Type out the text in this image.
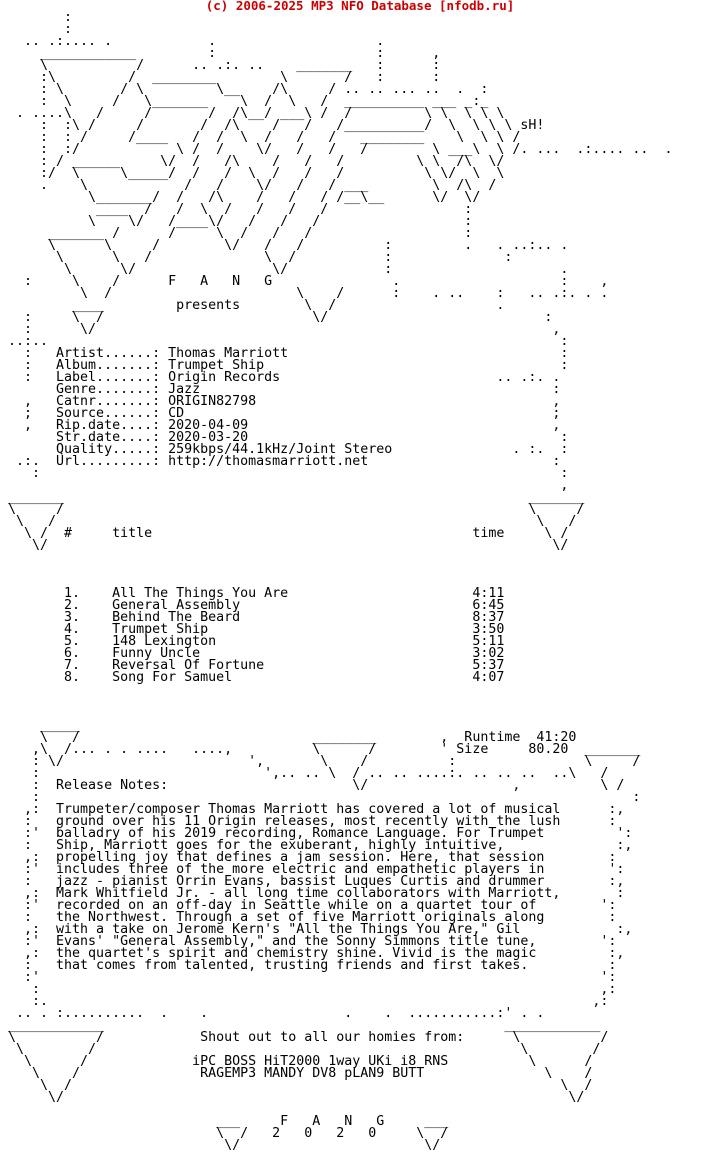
(c) 2006-2025 MP3 NFO Database [nfodb.ru]
:
:
.. .:.... .            .                    .
____________         :                    :      ,
\           /      .. .:. ..    _______   :      :
:\         /  ________        \       /   :      :
: \       / \         \__    /\     / .. .. ... ..  .  :
:  \     /   \_______    \  /  \   /  __________ ___ _:_
. ....\   /     /       /  /\__/ ___\ /  /         \ \  \ \ \
:  :\ /     /       /  /\    /   /   /__________/  \  \ \ \ sH!
:  : /     /____   /  /  \  /   /   /   ________    \  \ \ /
:  :/            \ /  /    \/   /   /   /        \ ___\  \ /. ...  .:.... ..  .
: / ______     \/  /   /\    /   /   /         \ \  /\  \/
:/  \     \_____/  /   /  \  /   /   /          \ \/  \  \
.    \            /   /    \/   /   / ___        \  /\  /
\_______/  /   /\    /   /   / /__\__      \/  \/
____  /   /  \  /   /   /   /                 :
\    \/   /____\/   /   /   /                  :
_______ /      /     \  /   /   /                   :
\      \     /        \/   /   /          :         .   . ..:.. .
\      \   /              \  /           :              :
\      \/                 \/            :                     .
:     \    /      F   A   N   G               .                    :    ,
\  /                       \    /      :    . ..    :   .. .:. . .
____         presents        \  /                    .
:     \  /                          \/                           :
:      \/                                                         ,
..:..                                                                :
:   Artist......: Thomas Marriott                                  :
:   Album.......: Trumpet Ship                                     :
:   Label.......: Origin Records                           .. .:. .
Genre.......: Jazz                                            :
,   Catnr.......: ORIGIN82798                                     ,
;   Source......: CD                                              ;
,   Rip.date....: 2020-04-09                                      ,
Str.date....: 2020-03-20                                       :
Quality.....: 259kbps/44.1kHz/Joint Stereo               . :.  :
.:.  Url.........: http://thomasmarriott.net                       :
:                                                                 :
,
_______                                                          _______
\     /                                                          \     /
\   /                                                            \   /
\ /  #     title                                        time     \ /
\/                                                               \/

1.    All The Things You Are                       4:11
2.    General Assembly                             6:45
3.    Behind The Beard                             8:37
4.    Trumpet Ship                                 3:50
5.    148 Lexington                                5:11
6.    Funny Uncle                                  3:02
7.    Reversal Of Fortune                          5:37
8.    Song For Samuel                              4:07

_____
\   /                             ________        ,  Runtime  41:20
,\  /... . . ....   ....,          \      /        ' Size     80.20  _______
: \/                       ',       \    /          :                \     /
:                            ',.. .. \  / .. .. ....:. .. .. ..  ..\   /
:  Release Notes:                       \/                  ,          \ /
:                                                                          :
,:  Trumpeter/composer Thomas Marriott has covered a lot of musical      :,
:   ground over his 11 Origin releases, most recently with the lush      :
:'  balladry of his 2019 recording, Romance Language. For Trumpet         ':
:   Ship, Marriott goes for the exuberant, highly intuitive,              :,
,:  propelling joy that defines a jam session. Here, that session        :
:'  includes three of the more electric and empathetic players in        ':
:   jazz - pianist Orrin Evans, bassist Luques Curtis and drummer        :,
,:  Mark Whitfield Jr. - all long time collaborators with Marriott,       :
:'  recorded on an off-day in Seattle while on a quartet tour of        ':
:   the Northwest. Through a set of five Marriott originals along        :
,:  with a take on Jerome Kern's "All the Things You Are," Gil            :,
:'  Evans' "General Assembly," and the Sonny Simmons title tune,        ':
,:  the quartet's spirit and chemistry shine. Vivid is the magic         :,
:   that comes from talented, trusting friends and first takes.          :
:'                                                                      ':
:                                                                      ,:
:.                                                                    ,:
.. . :..........  .    .                 .    .  ...........:' . .
____________                                                  ____________
\          /            Shout out to all our homies from:      \          /
\        /                                                     \        /
\      /             iPC BOSS HiT2000 1way UKi i8 RNS          \      /
\    /               RAGEMP3 MANDY DV8 pLAN9 BUTT               \    /
\  /                                                             \  /
\/                                                               \/

___     F   A   N   G     ___
\  /   2   0   2   0     \  /
\/                       \/
